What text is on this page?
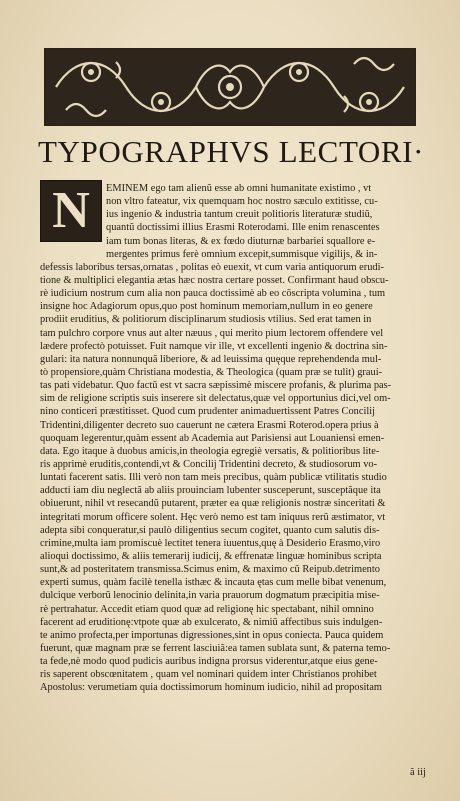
TYPOGRAPHVS LECTORI·
N	EMINEM ego tam alienũ esse ab omni humanitate existimo , vt
non vltro fateatur, vix quemquam hoc nostro sæculo extitisse, cu-
ius ingenio & industria tantum creuit politioris literaturæ studiũ,
quantũ doctissimi illius Erasmi Roterodami. Ille enim renascentes
iam tum bonas literas, & ex fœdo diuturnæ barbariei squallore e-
mergentes primus ferè omnium excepit,summisque vigilijs, & in-
defessis laboribus tersas,ornatas , politas eò euexit, vt cum varia antiquorum erudi-
tione & multiplici elegantia ætas hæc nostra certare posset. Confirmant haud obscu-
rè iudicium nostrum cum alia non pauca doctissimè ab eo cõscripta volumina , tum
insigne hoc Adagiorum opus,quo post hominum memoriam,nullum in eo genere
prodiit eruditius, & politiorum disciplinarum studiosis vtilius. Sed erat tamen in
tam pulchro corpore vnus aut alter næuus , qui merito pium lectorem offendere vel
lædere profectò potuisset. Fuit namque vir ille, vt excellenti ingenio & doctrina sin-
gulari: ita natura nonnunquã liberiore, & ad leuissima quęque reprehendenda mul-
tò propensiore,quàm Christiana modestia, & Theologica (quam præ se tulit) grauí-
tas pati videbatur. Quo factũ est vt sacra sæpissimè miscere profanis, & plurima pas-
sim de religione scriptis suis inserere sit delectatus,quæ vel opportunius dici,vel om-
nino conticeri præstitisset. Quod cum prudenter animaduertissent Patres Concilij
Tridentini,diligenter decreto suo cauerunt ne cætera Erasmi Roterod.opera prius à
quoquam legerentur,quàm essent ab Academia aut Parisiensi aut Louaniensi emen-
data. Ego itaque à duobus amicis,in theologia egregiè versatis, & politioribus lite-
ris apprimè eruditis,contendi,vt & Concilij Tridentini decreto, & studiosorum vo-
luntati facerent satis. Illi verò non tam meis precibus, quàm publicæ vtilitatis studio
adducti iam diu neglectã ab aliis prouinciam lubenter susceperunt, susceptãque ita
obiuerunt, nihil vt resecandũ putarent, præter ea quæ religionis nostræ sinceritati &
integritati morum officere solent. Hęc verò nemo est tam iniquus rerũ æstimator, vt
adepta sibi conqueratur,si paulò diligentius secum cogitet, quanto cum salutis dis-
crimine,multa iam promiscuè lectitet tenera iuuentus,quę à Desiderio Erasmo,viro
alioqui doctissimo, & aliis temerarij iudicij, & effrenatæ linguæ hominibus scripta
sunt,& ad posteritatem transmissa.Scimus enim, & maximo cũ Reipub.detrimento
experti sumus, quàm facilè tenella isthæc & incauta ętas cum melle bibat venenum,
dulcique verborũ lenocinio delinita,in varia prauorum dogmatum præcipitia mise-
rè pertrahatur. Accedit etiam quod quæ ad religionę hic spectabant, nihil omnino
facerent ad eruditionę:vtpote quæ ab exulcerato, & nimiũ affectibus suis indulgen-
te animo profecta,per importunas digressiones,sint in opus coniecta. Pauca quidem
fuerunt, quæ magnam præ se ferrent lasciuiã:ea tamen sublata sunt, & paterna temo-
ta fede,nè modo quod pudicis auribus indigna prorsus viderentur,atque eius gene-
ris saperent obscœnitatem , quam vel nominari quidem inter Christianos prohibet
Apostolus: verumetiam quia doctissimorum hominum iudicio, nihil ad propositam
ã iij
